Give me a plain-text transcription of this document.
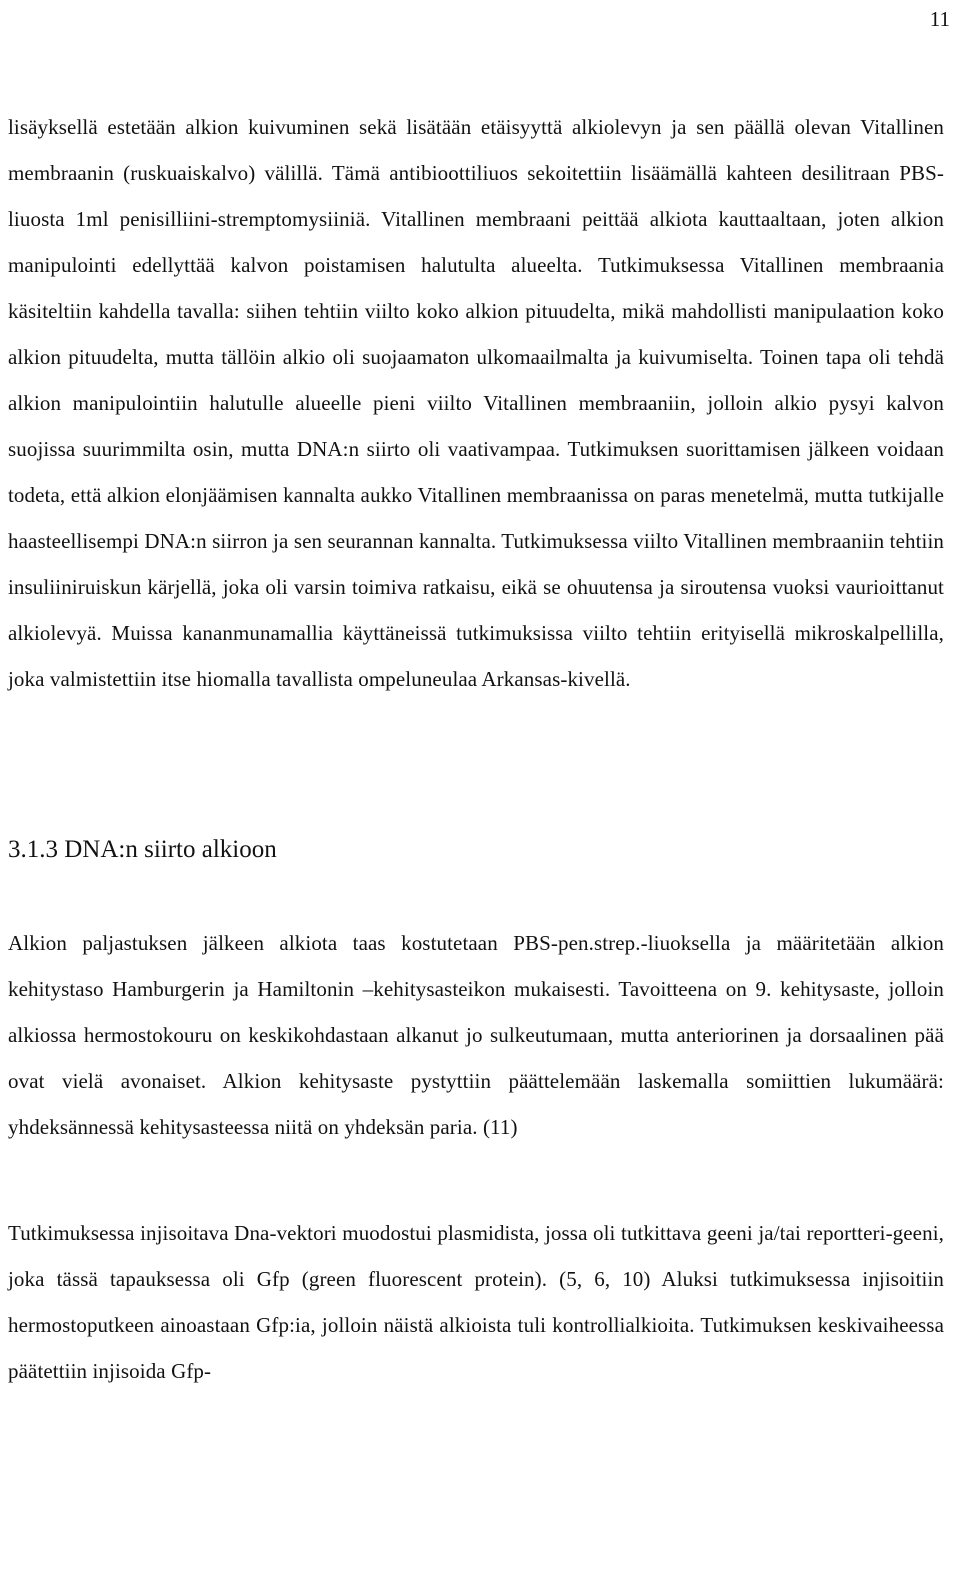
11

lisäyksellä estetään alkion kuivuminen sekä lisätään etäisyyttä alkiolevyn ja sen päällä olevan Vitallinen membraanin (ruskuaiskalvo) välillä. Tämä antibioottiliuos sekoitettiin lisäämällä kahteen desilitraan PBS-liuosta 1ml penisilliini-stremptomysiiniä. Vitallinen membraani peittää alkiota kauttaaltaan, joten alkion manipulointi edellyttää kalvon poistamisen halutulta alueelta. Tutkimuksessa Vitallinen membraania käsiteltiin kahdella tavalla: siihen tehtiin viilto koko alkion pituudelta, mikä mahdollisti manipulaation koko alkion pituudelta, mutta tällöin alkio oli suojaamaton ulkomaailmalta ja kuivumiselta. Toinen tapa oli tehdä alkion manipulointiin halutulle alueelle pieni viilto Vitallinen membraaniin, jolloin alkio pysyi kalvon suojissa suurimmilta osin, mutta DNA:n siirto oli vaativampaa. Tutkimuksen suorittamisen jälkeen voidaan todeta, että alkion elonjäämisen kannalta aukko Vitallinen membraanissa on paras menetelmä, mutta tutkijalle haasteellisempi DNA:n siirron ja sen seurannan kannalta. Tutkimuksessa viilto Vitallinen membraaniin tehtiin insuliiniruiskun kärjellä, joka oli varsin toimiva ratkaisu, eikä se ohuutensa ja siroutensa vuoksi vaurioittanut alkiolevyä. Muissa kananmunamallia käyttäneissä tutkimuksissa viilto tehtiin erityisellä mikroskalpellilla, joka valmistettiin itse hiomalla tavallista ompeluneulaa Arkansas-kivellä.

3.1.3 DNA:n siirto alkioon

Alkion paljastuksen jälkeen alkiota taas kostutetaan PBS-pen.strep.-liuoksella ja määritetään alkion kehitystaso Hamburgerin ja Hamiltonin –kehitysasteikon mukaisesti. Tavoitteena on 9. kehitysaste, jolloin alkiossa hermostokouru on keskikohdastaan alkanut jo sulkeutumaan, mutta anteriorinen ja dorsaalinen pää ovat vielä avonaiset. Alkion kehitysaste pystyttiin päättelemään laskemalla somiittien lukumäärä: yhdeksännessä kehitysasteessa niitä on yhdeksän paria. (11)

Tutkimuksessa injisoitava Dna-vektori muodostui plasmidista, jossa oli tutkittava geeni ja/tai reportteri-geeni, joka tässä tapauksessa oli Gfp (green fluorescent protein). (5, 6, 10) Aluksi tutkimuksessa injisoitiin hermostoputkeen ainoastaan Gfp:ia, jolloin näistä alkioista tuli kontrollialkioita. Tutkimuksen keskivaiheessa päätettiin injisoida Gfp-
